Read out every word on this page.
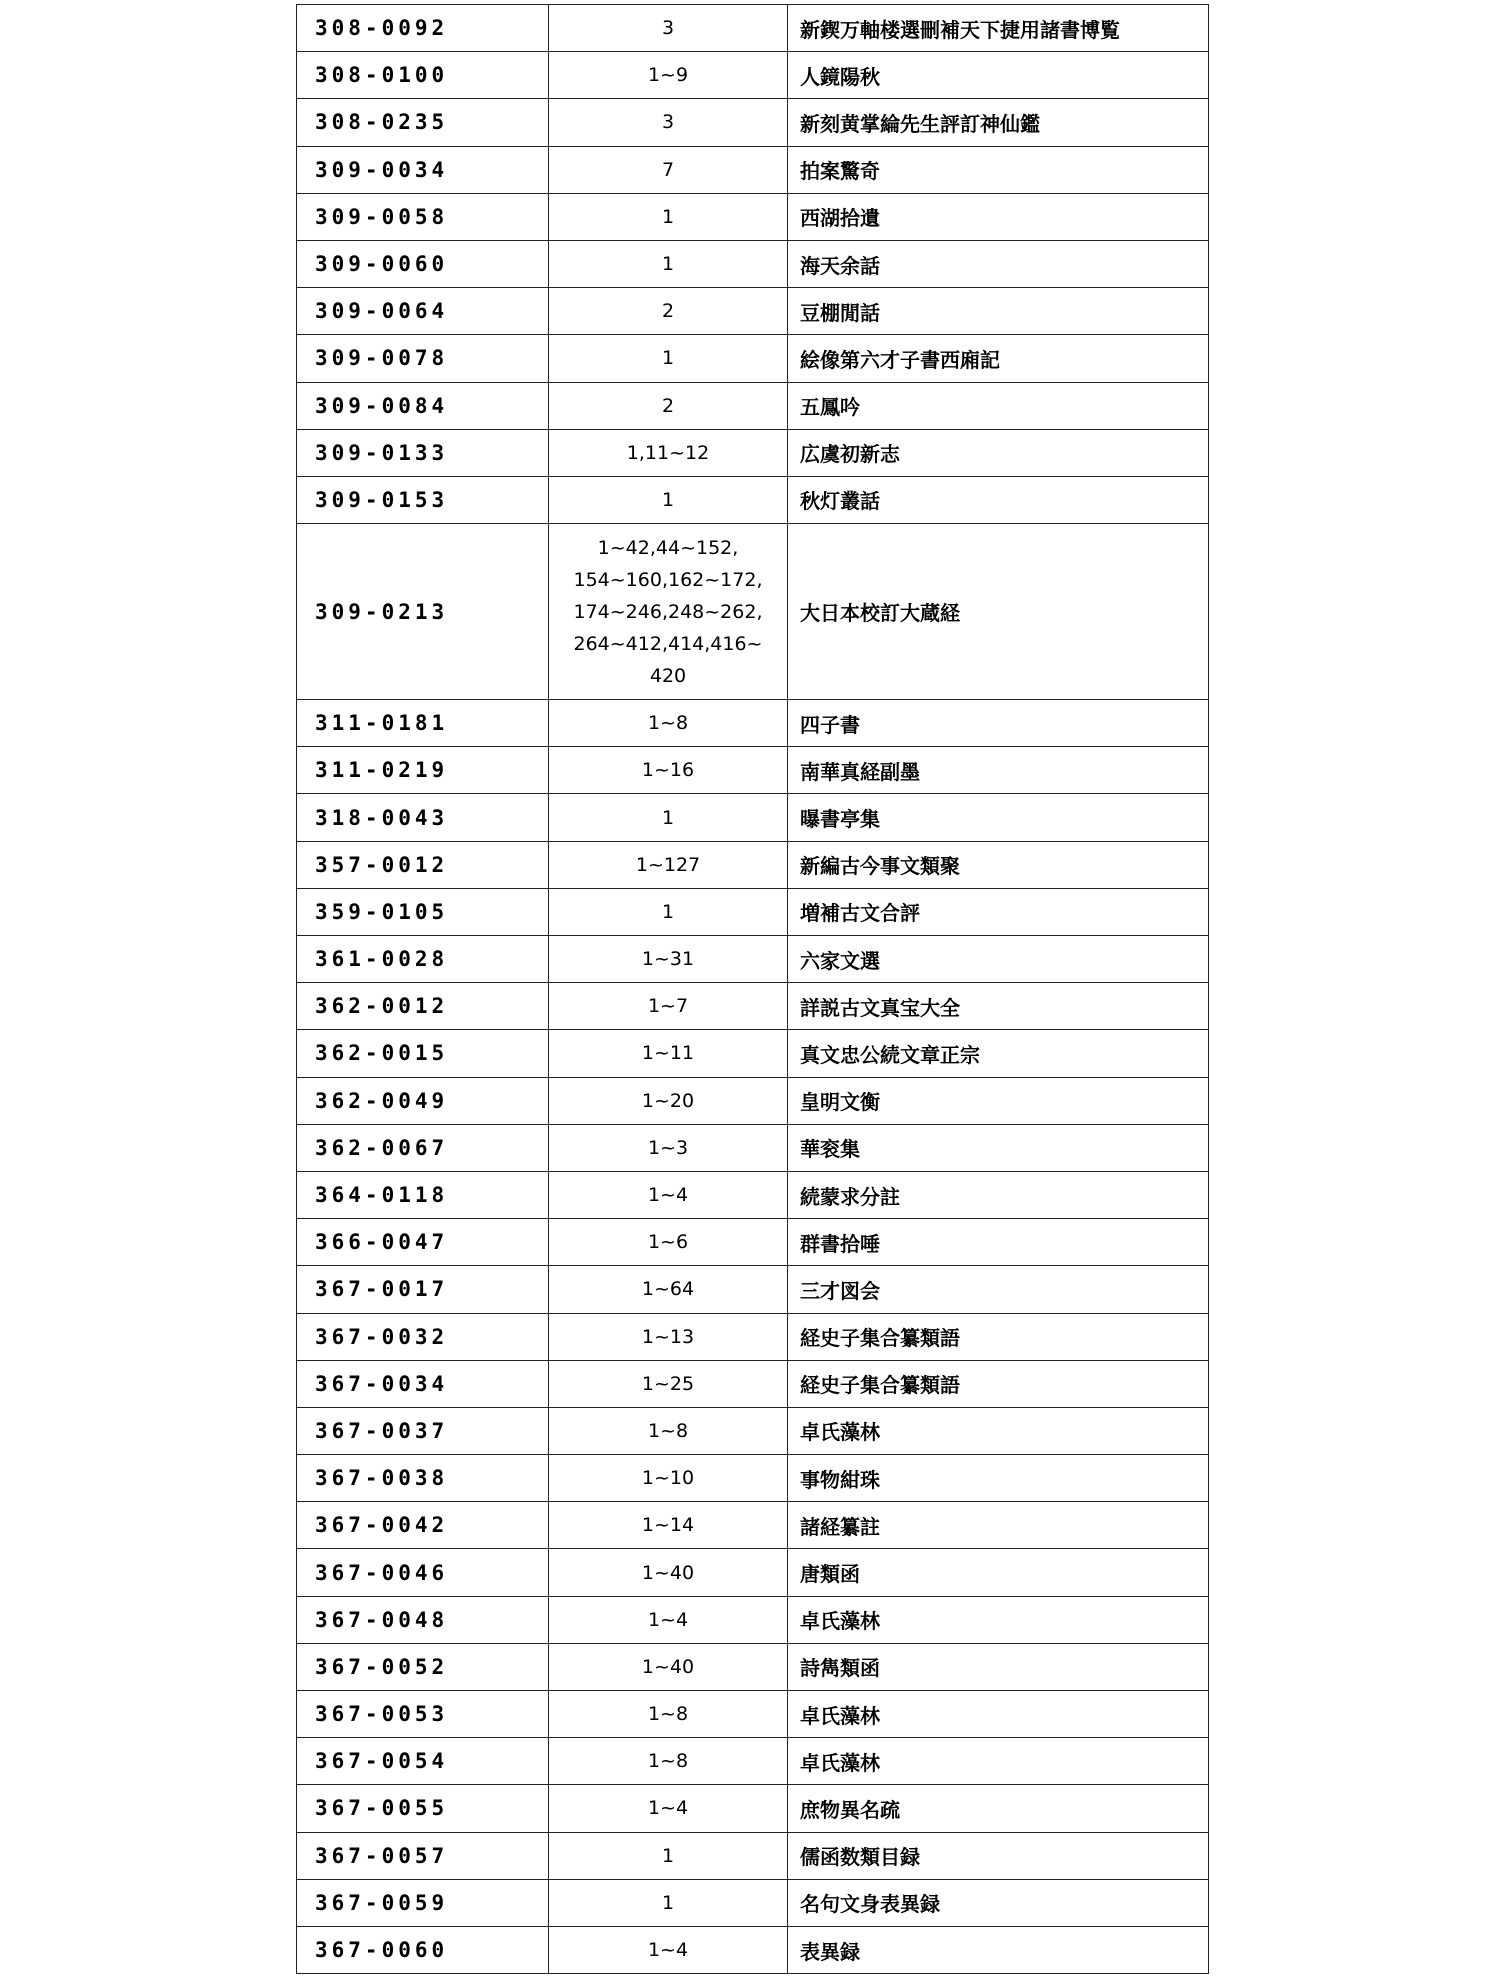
308-0092	3	新鍥万軸楼選刪補天下捷用諸書博覧
308-0100	1~9	人鏡陽秋
308-0235	3	新刻黄掌綸先生評訂神仙鑑
309-0034	7	拍案驚奇
309-0058	1	西湖拾遺
309-0060	1	海天余話
309-0064	2	豆棚閒話
309-0078	1	絵像第六才子書西廂記
309-0084	2	五鳳吟
309-0133	1,11~12	広虞初新志
309-0153	1	秋灯叢話
309-0213	1~42,44~152,
154~160,162~172,
174~246,248~262,
264~412,414,416~
420	大日本校訂大蔵経
311-0181	1~8	四子書
311-0219	1~16	南華真経副墨
318-0043	1	曝書亭集
357-0012	1~127	新編古今事文類聚
359-0105	1	増補古文合評
361-0028	1~31	六家文選
362-0012	1~7	詳説古文真宝大全
362-0015	1~11	真文忠公続文章正宗
362-0049	1~20	皇明文衡
362-0067	1~3	華衮集
364-0118	1~4	続蒙求分註
366-0047	1~6	群書拾唾
367-0017	1~64	三才図会
367-0032	1~13	経史子集合纂類語
367-0034	1~25	経史子集合纂類語
367-0037	1~8	卓氏藻林
367-0038	1~10	事物紺珠
367-0042	1~14	諸経纂註
367-0046	1~40	唐類函
367-0048	1~4	卓氏藻林
367-0052	1~40	詩雋類函
367-0053	1~8	卓氏藻林
367-0054	1~8	卓氏藻林
367-0055	1~4	庶物異名疏
367-0057	1	儒函数類目録
367-0059	1	名句文身表異録
367-0060	1~4	表異録
